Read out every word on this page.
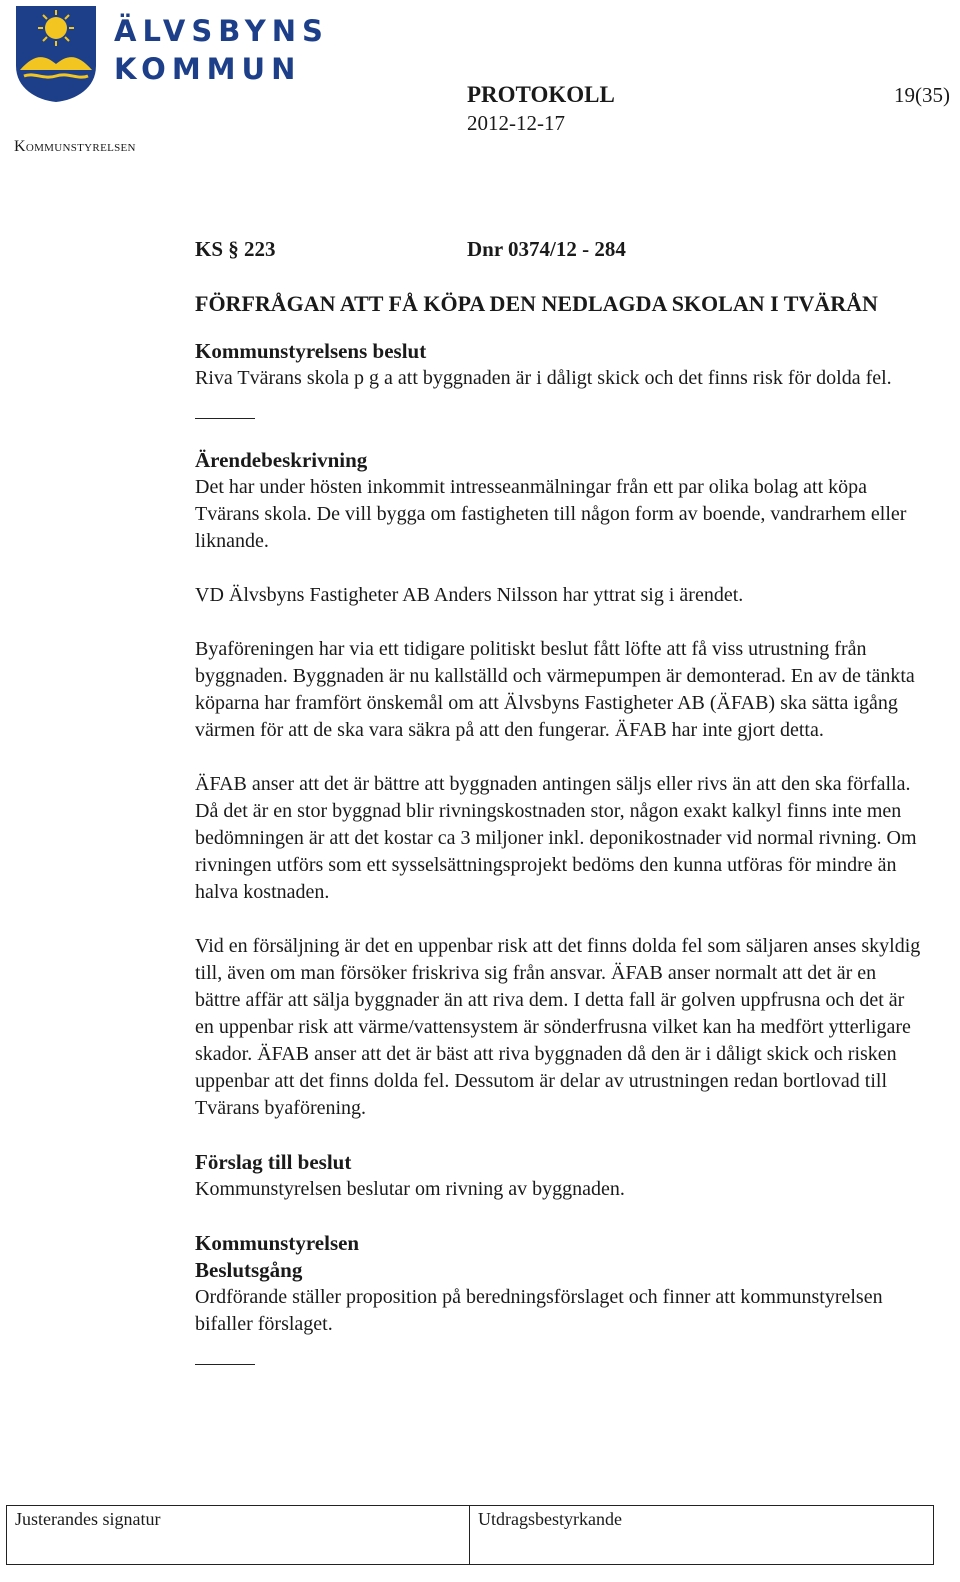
ÄLVSBYNS
KOMMUN
Kommunstyrelsen
PROTOKOLL
2012-12-17
19(35)
KS § 223	Dnr 0374/12 - 284
FÖRFRÅGAN ATT FÅ KÖPA DEN NEDLAGDA SKOLAN I TVÄRÅN
Kommunstyrelsens beslut

Riva Tvärans skola p g a att byggnaden är i dåligt skick och det finns risk för dolda fel.

Ärendebeskrivning

Det har under hösten inkommit intresseanmälningar från ett par olika bolag att köpa Tvärans skola. De vill bygga om fastigheten till någon form av boende, vandrarhem eller liknande.

VD Älvsbyns Fastigheter AB Anders Nilsson har yttrat sig i ärendet.

Byaföreningen har via ett tidigare politiskt beslut fått löfte att få viss utrustning från byggnaden. Byggnaden är nu kallställd och värmepumpen är demonterad. En av de tänkta köparna har framfört önskemål om att Älvsbyns Fastigheter AB (ÄFAB) ska sätta igång värmen för att de ska vara säkra på att den fungerar. ÄFAB har inte gjort detta.

ÄFAB anser att det är bättre att byggnaden antingen säljs eller rivs än att den ska förfalla. Då det är en stor byggnad blir rivningskostnaden stor, någon exakt kalkyl finns inte men bedömningen är att det kostar ca 3 miljoner inkl. deponikostnader vid normal rivning. Om rivningen utförs som ett sysselsättningsprojekt bedöms den kunna utföras för mindre än halva kostnaden.

Vid en försäljning är det en uppenbar risk att det finns dolda fel som säljaren anses skyldig till, även om man försöker friskriva sig från ansvar. ÄFAB anser normalt att det är en bättre affär att sälja byggnader än att riva dem. I detta fall är golven uppfrusna och det är en uppenbar risk att värme/vattensystem är sönderfrusna vilket kan ha medfört ytterligare skador. ÄFAB anser att det är bäst att riva byggnaden då den är i dåligt skick och risken uppenbar att det finns dolda fel. Dessutom är delar av utrustningen redan bortlovad till Tvärans byaförening.

Förslag till beslut

Kommunstyrelsen beslutar om rivning av byggnaden.

Kommunstyrelsen
Beslutsgång

Ordförande ställer proposition på beredningsförslaget och finner att kommunstyrelsen bifaller förslaget.

Justerandes signatur	Utdragsbestyrkande
